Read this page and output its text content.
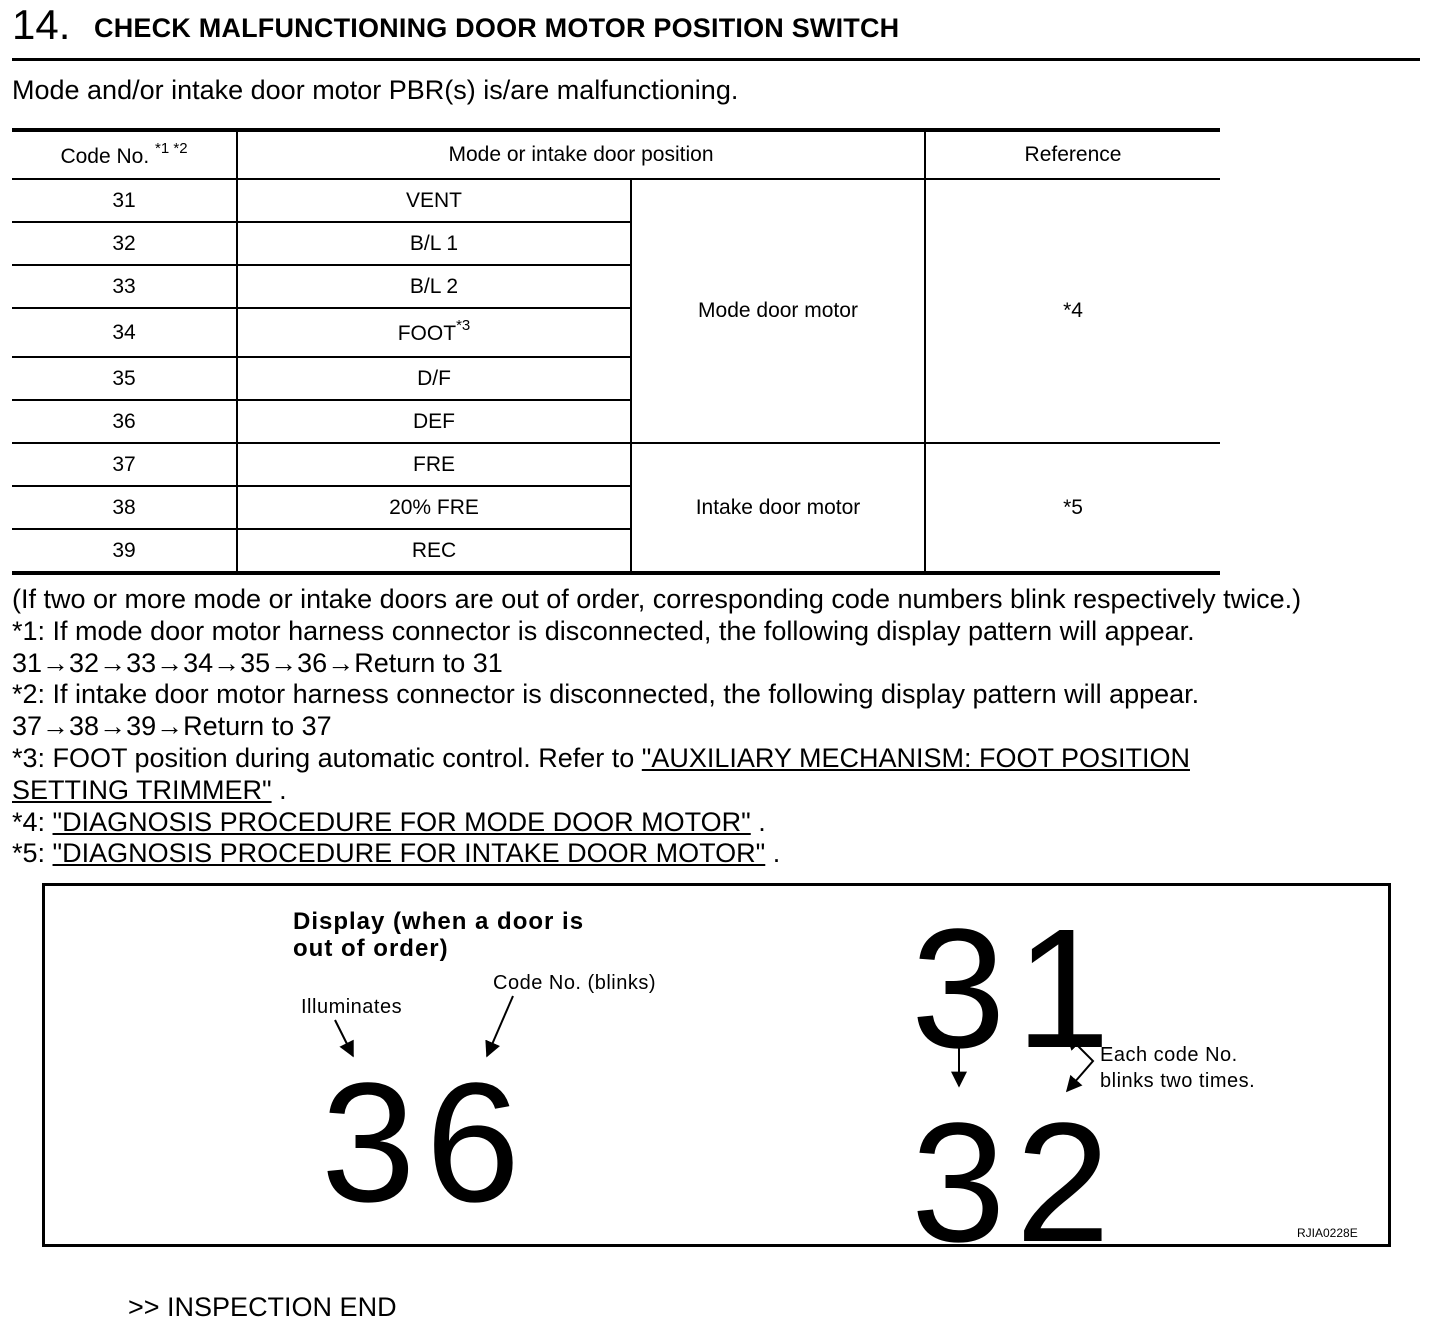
14. CHECK MALFUNCTIONING DOOR MOTOR POSITION SWITCH
Mode and/or intake door motor PBR(s) is/are malfunctioning.
Code No. $^{*1 *2}$	Mode or intake door position		Reference
31	VENT	Mode door motor	*4
32	B/L 1		
33	B/L 2		
34	FOOT$^{*3}$
35	D/F		
36	DEF		
37	FRE	Intake door motor	*5
38	20% FRE		
39	REC		
(If two or more mode or intake doors are out of order, corresponding code numbers blink respectively twice.)
*1: If mode door motor harness connector is disconnected, the following display pattern will appear.
31→32→33→34→35→36→Return to 31
*2: If intake door motor harness connector is disconnected, the following display pattern will appear.
37→38→39→Return to 37
*3: FOOT position during automatic control. Refer to "AUXILIARY MECHANISM: FOOT POSITION
SETTING TRIMMER" .
*4: "DIAGNOSIS PROCEDURE FOR MODE DOOR MOTOR" .
*5: "DIAGNOSIS PROCEDURE FOR INTAKE DOOR MOTOR" .
Display (when a door is
out of order)
Illuminates
Code No. (blinks)
36
31
32
Each code No.
blinks two times.
RJIA0228E
>> INSPECTION END
